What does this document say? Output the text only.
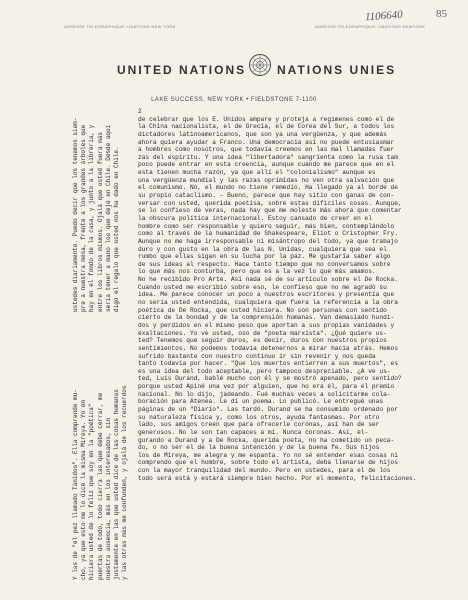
1106640	85
ADRESSE TELEGRAPHIQUE: UNATIONS NEW YORK	ADRESSE TELEGRAPHIQUE: UNATIONS NEWYORK
UNITED NATIONS	NATIONS UNIES
LAKE SUCCESS, NEW YORK • FIELDSTONE 7-1100
2
de celebrar que los E. Unidos ampare y proteja a regímenes como el de
la China nacionalista, el de Grecia, el de Corea del Sur, a todos los
dictadores latinoamericanos, que son ya una vergüenza, y que además
ahora quiera ayudar a Franco. Una democracia así no puede entusiasmar
a hombres como nosotros, que todavía creemos en las mal llamadas fuer
zas del espíritu. Y una idea "libertadora" sangrienta como la rusa tam
poco puede entrar en esta creencia, aunque cuando me parece que en el
esta tienen mucha razón, ya que allí el "colonialismo" aunque es
una vergüenza mundial y las razas oprimidas no ven otra salvación que
el comunismo. No, el mundo no tiene remedio. Ha llegado ya al borde de
su propio cataclismo. – Bueno, parece que hay sitio con ganas de con-
versar con usted, querida poetisa, sobre estas difíciles cosas. Aunque,
se lo confieso de veras, nada hay que me moleste más ahora que comentar
la obscura política internacional. Estoy cansado de creer en el
hombre como ser responsable y quiero seguir, más bien, contemplándolo
como al través de la humanidad de Shakespeare, Eliot o Cristopher Fry.
Aunque no me haga irresponsable ni misántropo del todo, ya que trabajo
duro y con gusto en la obra de las N. Unidas, cualquiera que sea el
rumbo que ellas sigan en su lucha por la paz. Me gustaría saber algo
de sus ideas al respecto. Hace tanto tiempo que no conversamos sobre
lo que más nos conturba, pero que es a la vez lo que más amamos.
No he recibido Pro Arte. Así nada sé de su artículo sobre el De Rocka.
Cuando usted me escribió sobre eso, le confieso que no me agradó su
idea. Me parece conocer un poco a nuestros escritores y presentía que
no sería usted entendida, cualquiera que fuera la referencia a la obra
poética de De Rocka, que usted hiciera. No son personas con sentido
cierto de la bondad y de la comprensión humanas. Van demasiado hundi-
dos y perdidos en el mismo peso que aportan a sus propias vanidades y
exaltaciones. Yo ve usted, oso de "poeta marxista". ¿Qué quiere us-
ted? Tenemos que seguir duros, es decir, duros con nuestros propios
sentimientos. No podemos todavía detenernos a mirar hacia atrás. Hemos
sufrido bastante con nuestro continuo ir sin revenir y nos queda
tanto todavía por hacer. "Que los muertos entierren a sus muertos", es
es una idea del todo aceptable, pero tampoco despreciable. ¿A ve us-
ted, Luis Durand, bablé mucho con él y se mostró apenado, pero sentido?
porque usted Apiné una vez por alguien, que no era él, para el premio
nacional. No lo dijo, jadeando. Fué muchas veces a solicitarme cola-
boración para Atenea. Le dí un poema. Lo publicó. Le entregué unas
páginas de un "Diario". Las tardó. Durand se ha consumido ordenado por
su naturaleza física y, como los otros, ayuda fantasmas. Por otro
lado, sus amigos creen que para ofrecerle coronas, así han de ser
generosos. No le son tan capaces a mí. Nunca coronas. Así, el-
gurando a Durand y a De Rocka, querida poeta, no ha cometido un peca-
do, o no ser el de la buena intención y de la buena fe. Sus hijos
los de Mireya, me alegra y me espanta. Yo no sé entender esas cosas ni
comprendo que el hombre, sobre todo el artista, deba llenarse de hijos
con la mayor tranquilidad del mundo. Pero en ustedes, para el de los
todo será está y estará siempre bien hecho. Por el momento, felicitaciones.
ustedes diariamente. Puedo decir que los tenemos siem- pre a nuestra mesa, frente a los grandes árboles que hay en el fondo de la casa, y junto a la librería, y entre los libros mismos. Ojalá que usted fuera más sería tener a mano los que dejé en Chile. Desde aquí digo el regalo que usted nos ha dado en Chile.
Y las de "el pez llamado Tánidos". Ella comprende mu- cho, ya que esto me lo dice la misma Mireya. Yo en hiciera usted de lo feliz que soy en la "poética" puertas de todo, todo cierra las que debe cerrar, me nuestra ausencia, más en los interesados, sin justamente en las que usted dice de las cosas humanas y las otras más me confunden, y ojalá de los recuerdos
